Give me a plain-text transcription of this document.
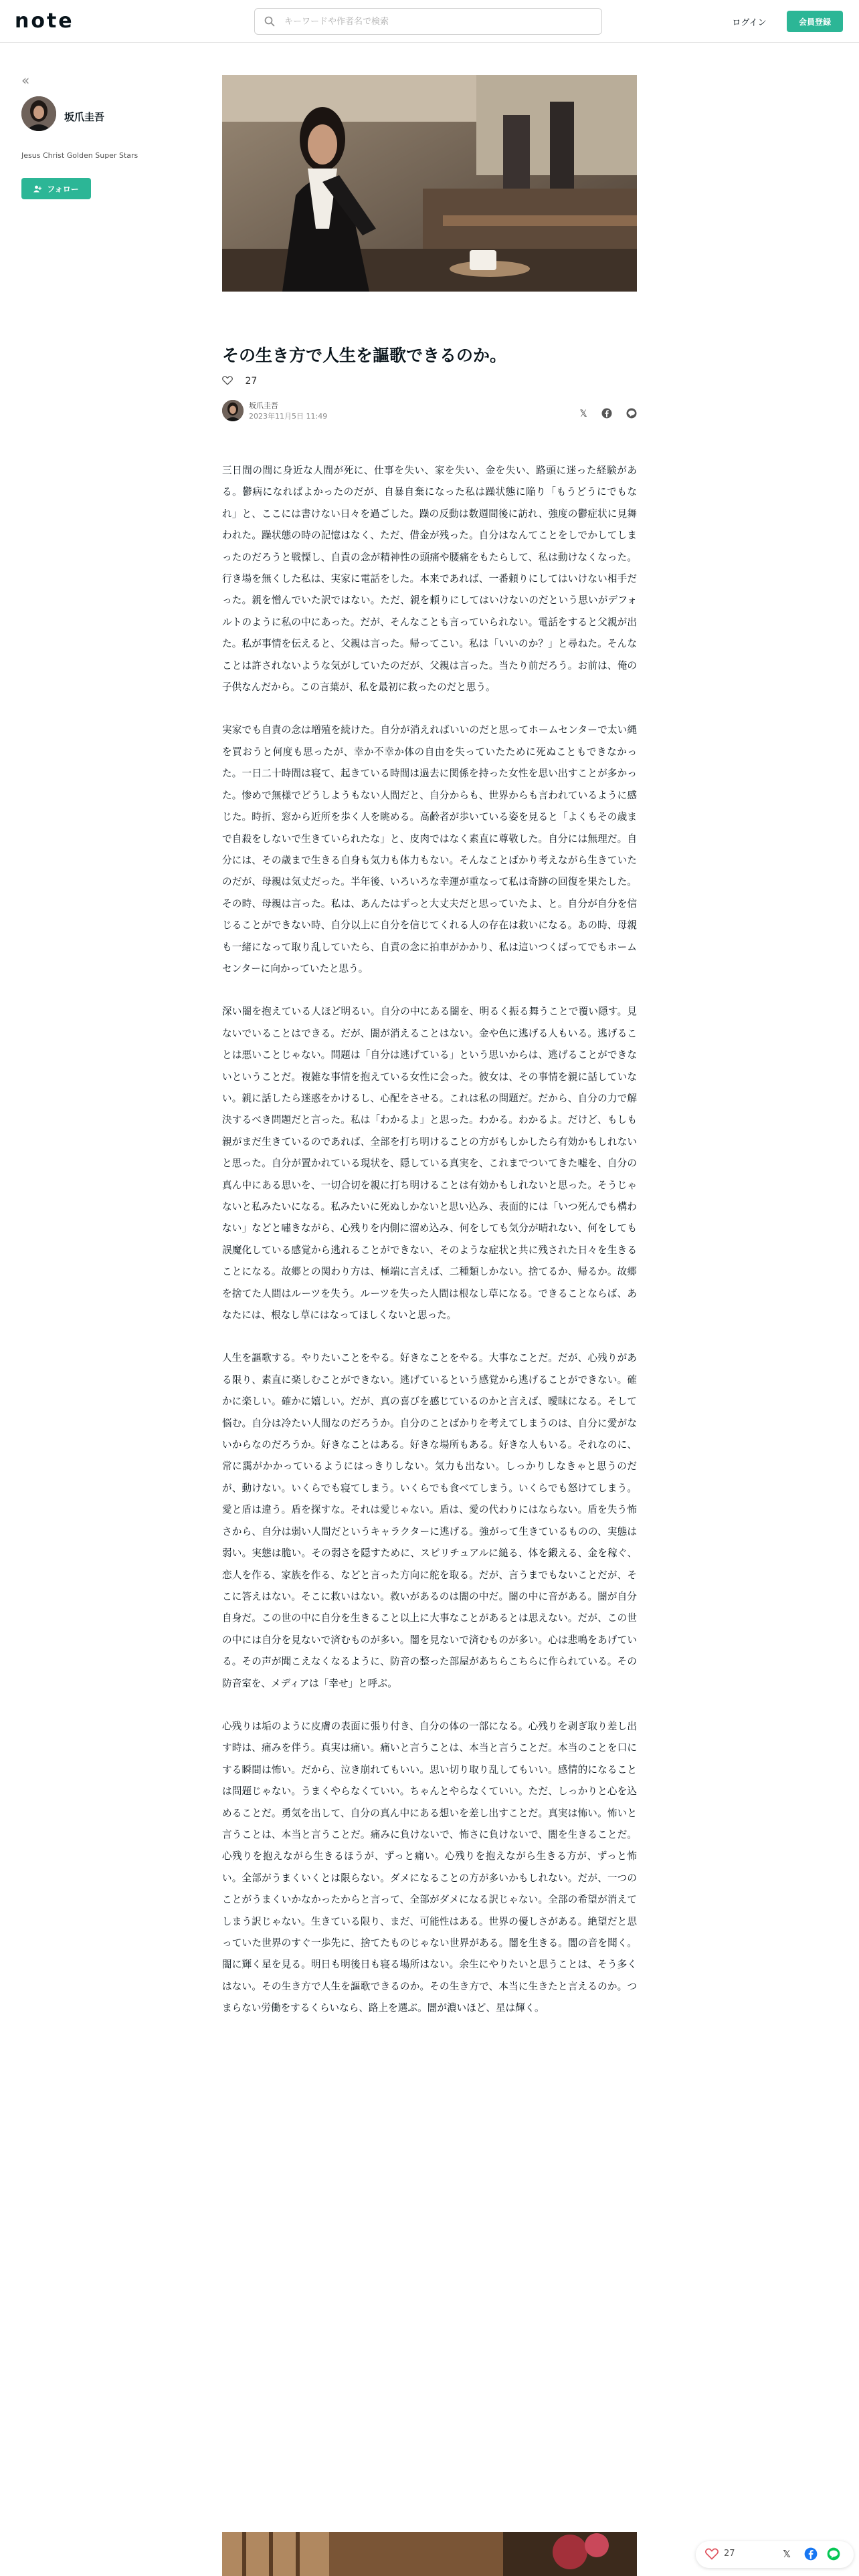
note
キーワードや作者名で検索	ログイン	会員登録
«
坂爪圭吾
Jesus Christ Golden Super Stars
フォロー
その生き方で人生を謳歌できるのか。
27
坂爪圭吾
2023年11月5日 11:49	𝕏

三日間の間に身近な人間が死に、仕事を失い、家を失い、金を失い、路頭に迷った経験がある。鬱病になればよかったのだが、自暴自棄になった私は躁状態に陥り「もうどうにでもなれ」と、ここには書けない日々を過ごした。躁の反動は数週間後に訪れ、強度の鬱症状に見舞われた。躁状態の時の記憶はなく、ただ、借金が残った。自分はなんてことをしでかしてしまったのだろうと戦慄し、自責の念が精神性の頭痛や腰痛をもたらして、私は動けなくなった。行き場を無くした私は、実家に電話をした。本来であれば、一番頼りにしてはいけない相手だった。親を憎んでいた訳ではない。ただ、親を頼りにしてはいけないのだという思いがデフォルトのように私の中にあった。だが、そんなことも言っていられない。電話をすると父親が出た。私が事情を伝えると、父親は言った。帰ってこい。私は「いいのか？」と尋ねた。そんなことは許されないような気がしていたのだが、父親は言った。当たり前だろう。お前は、俺の子供なんだから。この言葉が、私を最初に救ったのだと思う。

実家でも自責の念は増殖を続けた。自分が消えればいいのだと思ってホームセンターで太い縄を買おうと何度も思ったが、幸か不幸か体の自由を失っていたために死ぬこともできなかった。一日二十時間は寝て、起きている時間は過去に関係を持った女性を思い出すことが多かった。惨めで無様でどうしようもない人間だと、自分からも、世界からも言われているように感じた。時折、窓から近所を歩く人を眺める。高齢者が歩いている姿を見ると「よくもその歳まで自殺をしないで生きていられたな」と、皮肉ではなく素直に尊敬した。自分には無理だ。自分には、その歳まで生きる自身も気力も体力もない。そんなことばかり考えながら生きていたのだが、母親は気丈だった。半年後、いろいろな幸運が重なって私は奇跡の回復を果たした。その時、母親は言った。私は、あんたはずっと大丈夫だと思っていたよ、と。自分が自分を信じることができない時、自分以上に自分を信じてくれる人の存在は救いになる。あの時、母親も一緒になって取り乱していたら、自責の念に拍車がかかり、私は這いつくばってでもホームセンターに向かっていたと思う。

深い闇を抱えている人ほど明るい。自分の中にある闇を、明るく振る舞うことで覆い隠す。見ないでいることはできる。だが、闇が消えることはない。金や色に逃げる人もいる。逃げることは悪いことじゃない。問題は「自分は逃げている」という思いからは、逃げることができないということだ。複雑な事情を抱えている女性に会った。彼女は、その事情を親に話していない。親に話したら迷惑をかけるし、心配をさせる。これは私の問題だ。だから、自分の力で解決するべき問題だと言った。私は「わかるよ」と思った。わかる。わかるよ。だけど、もしも親がまだ生きているのであれば、全部を打ち明けることの方がもしかしたら有効かもしれないと思った。自分が置かれている現状を、隠している真実を、これまでついてきた嘘を、自分の真ん中にある思いを、一切合切を親に打ち明けることは有効かもしれないと思った。そうじゃないと私みたいになる。私みたいに死ぬしかないと思い込み、表面的には「いつ死んでも構わない」などと嘯きながら、心残りを内側に溜め込み、何をしても気分が晴れない、何をしても誤魔化している感覚から逃れることができない、そのような症状と共に残された日々を生きることになる。故郷との関わり方は、極端に言えば、二種類しかない。捨てるか、帰るか。故郷を捨てた人間はルーツを失う。ルーツを失った人間は根なし草になる。できることならば、あなたには、根なし草にはなってほしくないと思った。

人生を謳歌する。やりたいことをやる。好きなことをやる。大事なことだ。だが、心残りがある限り、素直に楽しむことができない。逃げているという感覚から逃げることができない。確かに楽しい。確かに嬉しい。だが、真の喜びを感じているのかと言えば、曖昧になる。そして悩む。自分は冷たい人間なのだろうか。自分のことばかりを考えてしまうのは、自分に愛がないからなのだろうか。好きなことはある。好きな場所もある。好きな人もいる。それなのに、常に靄がかかっているようにはっきりしない。気力も出ない。しっかりしなきゃと思うのだが、動けない。いくらでも寝てしまう。いくらでも食べてしまう。いくらでも怒けてしまう。愛と盾は違う。盾を探すな。それは愛じゃない。盾は、愛の代わりにはならない。盾を失う怖さから、自分は弱い人間だというキャラクターに逃げる。強がって生きているものの、実態は弱い。実態は脆い。その弱さを隠すために、スピリチュアルに縋る、体を鍛える、金を稼ぐ、恋人を作る、家族を作る、などと言った方向に舵を取る。だが、言うまでもないことだが、そこに答えはない。そこに救いはない。救いがあるのは闇の中だ。闇の中に音がある。闇が自分自身だ。この世の中に自分を生きること以上に大事なことがあるとは思えない。だが、この世の中には自分を見ないで済むものが多い。闇を見ないで済むものが多い。心は悲鳴をあげている。その声が聞こえなくなるように、防音の整った部屋があちらこちらに作られている。その防音室を、メディアは「幸せ」と呼ぶ。

心残りは垢のように皮膚の表面に張り付き、自分の体の一部になる。心残りを剥ぎ取り差し出す時は、痛みを伴う。真実は痛い。痛いと言うことは、本当と言うことだ。本当のことを口にする瞬間は怖い。だから、泣き崩れてもいい。思い切り取り乱してもいい。感情的になることは問題じゃない。うまくやらなくていい。ちゃんとやらなくていい。ただ、しっかりと心を込めることだ。勇気を出して、自分の真ん中にある想いを差し出すことだ。真実は怖い。怖いと言うことは、本当と言うことだ。痛みに負けないで、怖さに負けないで、闇を生きることだ。心残りを抱えながら生きるほうが、ずっと痛い。心残りを抱えながら生きる方が、ずっと怖い。全部がうまくいくとは限らない。ダメになることの方が多いかもしれない。だが、一つのことがうまくいかなかったからと言って、全部がダメになる訳じゃない。全部の希望が消えてしまう訳じゃない。生きている限り、まだ、可能性はある。世界の優しさがある。絶望だと思っていた世界のすぐ一歩先に、捨てたものじゃない世界がある。闇を生きる。闇の音を聞く。闇に輝く星を見る。明日も明後日も寝る場所はない。余生にやりたいと思うことは、そう多くはない。その生き方で人生を謳歌できるのか。その生き方で、本当に生きたと言えるのか。つまらない労働をするくらいなら、路上を選ぶ。闇が濃いほど、星は輝く。

27	𝕏
